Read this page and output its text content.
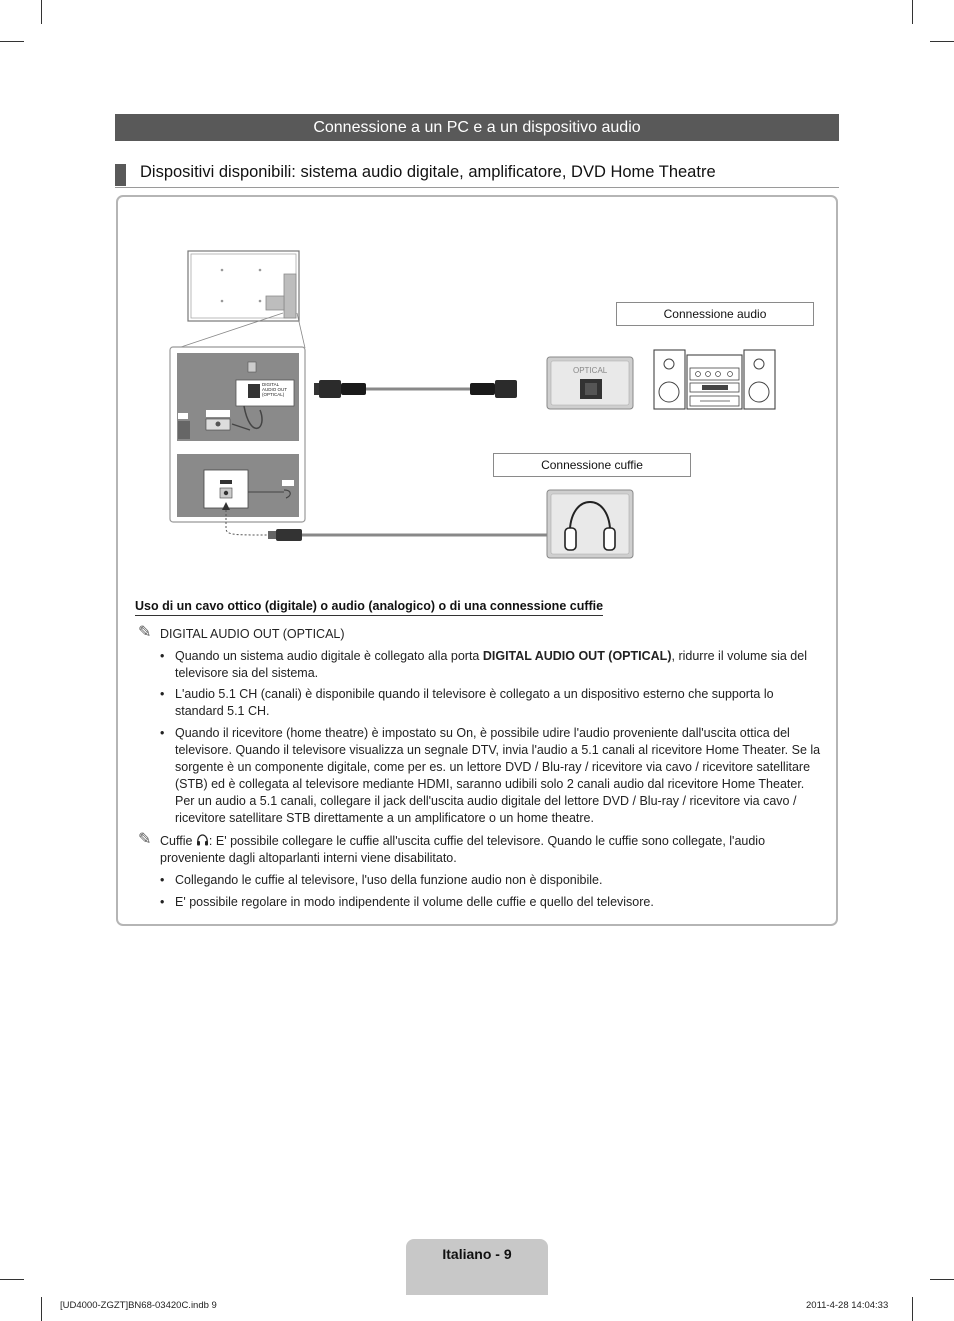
Connessione a un PC e a un dispositivo audio
Dispositivi disponibili: sistema audio digitale, amplificatore, DVD Home Theatre
DIGITAL
AUDIO OUT
(OPTICAL)
OPTICAL
Connessione audio
Connessione cuffie
Uso di un cavo ottico (digitale) o audio (analogico) o di una connessione cuffie
✎ DIGITAL AUDIO OUT (OPTICAL)
• Quando un sistema audio digitale è collegato alla porta DIGITAL AUDIO OUT (OPTICAL), ridurre il volume sia del televisore sia del sistema.
• L'audio 5.1 CH (canali) è disponibile quando il televisore è collegato a un dispositivo esterno che supporta lo standard 5.1 CH.
• Quando il ricevitore (home theatre) è impostato su On, è possibile udire l'audio proveniente dall'uscita ottica del televisore. Quando il televisore visualizza un segnale DTV, invia l'audio a 5.1 canali al ricevitore Home Theater. Se la sorgente è un componente digitale, come per es. un lettore DVD / Blu-ray / ricevitore via cavo / ricevitore satellitare (STB) ed è collegata al televisore mediante HDMI, saranno udibili solo 2 canali audio dal ricevitore Home Theater. Per un audio a 5.1 canali, collegare il jack dell'uscita audio digitale del lettore DVD / Blu-ray / ricevitore via cavo / ricevitore satellitare STB direttamente a un amplificatore o un home theatre.
✎ Cuffie : E' possibile collegare le cuffie all'uscita cuffie del televisore. Quando le cuffie sono collegate, l'audio proveniente dagli altoparlanti interni viene disabilitato.
• Collegando le cuffie al televisore, l'uso della funzione audio non è disponibile.
• E' possibile regolare in modo indipendente il volume delle cuffie e quello del televisore.
Italiano - 9
[UD4000-ZGZT]BN68-03420C.indb 9	2011-4-28 14:04:33
